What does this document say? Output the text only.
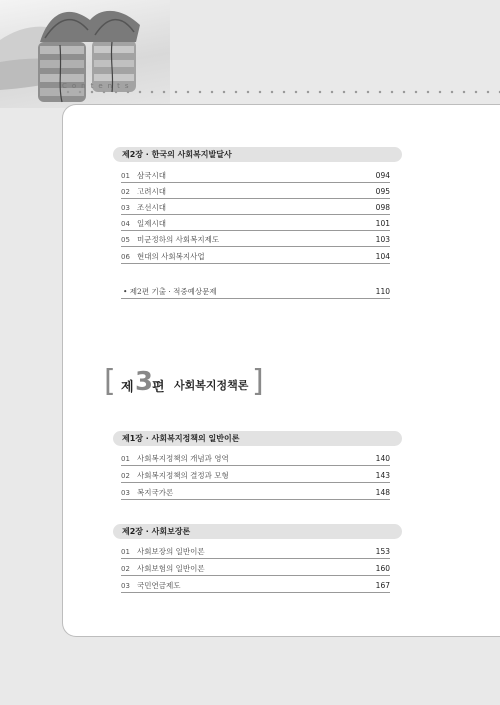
Contents
제2장 · 한국의 사회복지발달사
01 삼국시대	094
02 고려시대	095
03 조선시대	098
04 일제시대	101
05 미군정하의 사회복지제도	103
06 현대의 사회복지사업	104
• 제2편 기출 · 적중예상문제	110
[ 제 3
편 사회복지정책론 ]
제1장 · 사회복지정책의 일반이론
01 사회복지정책의 개념과 영역	140
02 사회복지정책의 결정과 모형	143
03 복지국가론	148
제2장 · 사회보장론
01 사회보장의 일반이론	153
02 사회보험의 일반이론	160
03 국민연금제도	167
